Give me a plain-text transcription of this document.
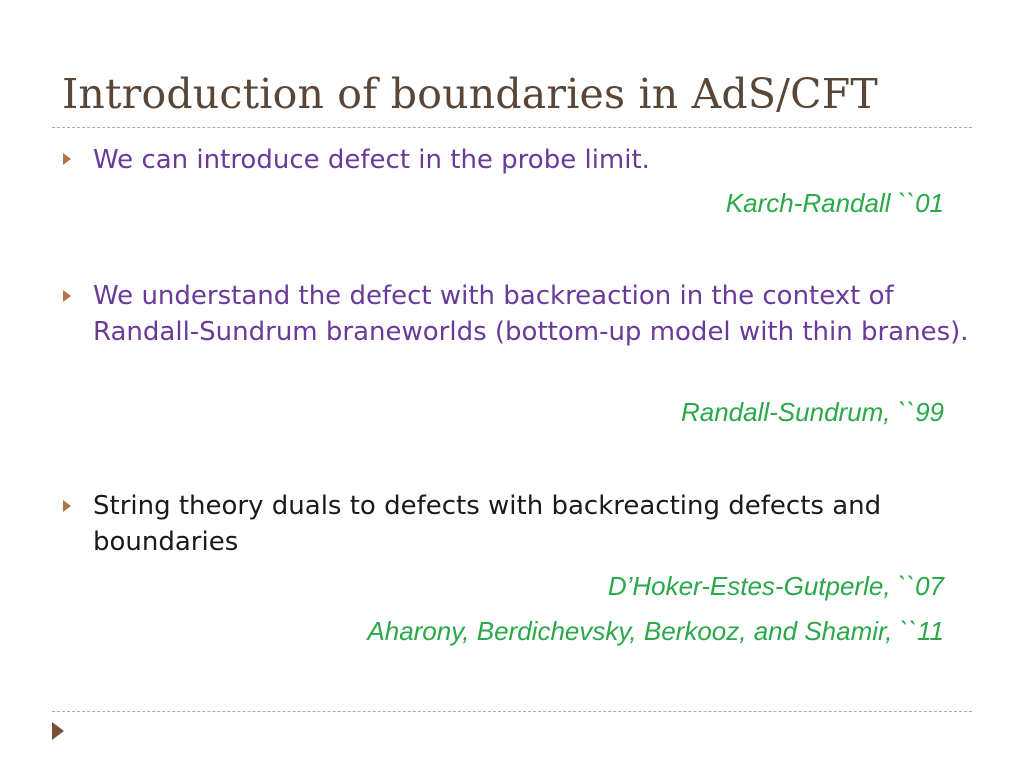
Introduction of boundaries in AdS/CFT
We can introduce defect in the probe limit.
Karch-Randall ``01
We understand the defect with backreaction in the context of Randall-Sundrum braneworlds (bottom-up model with thin branes).
Randall-Sundrum, ``99
String theory duals to defects with backreacting defects and boundaries
D’Hoker-Estes-Gutperle, ``07
Aharony, Berdichevsky, Berkooz, and Shamir, ``11
